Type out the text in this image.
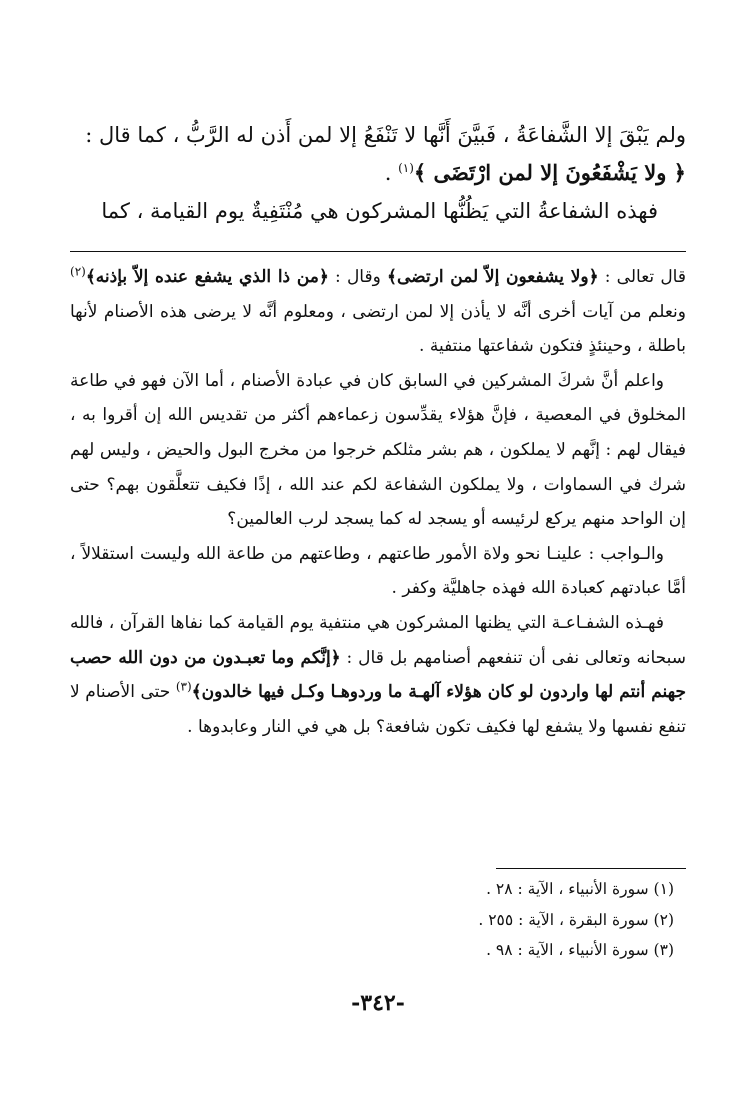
ولم يَبْقَ إلا الشَّفاعَةُ ، فَبيَّنَ أَنَّها لا تَنْفَعُ إلا لمن أَذن له الرَّبُّ ، كما قال :

﴿ ولا يَشْفَعُونَ إلا لمن ارْتَضَى ﴾$^{(١)}$ .

فهذه الشفاعةُ التي يَظُنُّها المشركون هي مُنْتَفِيةٌ يوم القيامة ، كما

قال تعالى : ﴿ولا يشفعون إلاّ لمن ارتضى﴾ وقال : ﴿من ذا الذي يشفع عنده إلاّ بإذنه﴾$^{(٢)}$ ونعلم من آيات أخرى أنَّه لا يأذن إلا لمن ارتضى ، ومعلوم أنَّه لا يرضى هذه الأصنام لأنها باطلة ، وحينئذٍ فتكون شفاعتها منتفية .

واعلم أنَّ شركَ المشركين في السابق كان في عبادة الأصنام ، أما الآن فهو في طاعة المخلوق في المعصية ، فإنَّ هؤلاء يقدِّسون زعماءهم أكثر من تقديس الله إن أقروا به ، فيقال لهم : إنَّهم لا يملكون ، هم بشر مثلكم خرجوا من مخرج البول والحيض ، وليس لهم شرك في السماوات ، ولا يملكون الشفاعة لكم عند الله ، إذًا فكيف تتعلَّقون بهم؟ حتى إن الواحد منهم يركع لرئيسه أو يسجد له كما يسجد لرب العالمين؟

والـواجب : علينـا نحو ولاة الأمور طاعتهم ، وطاعتهم من طاعة الله وليست استقلالاً ، أمَّا عبادتهم كعبادة الله فهذه جاهليَّة وكفر .

فهـذه الشفـاعـة التي يظنها المشركون هي منتفية يوم القيامة كما نفاها القرآن ، فالله سبحانه وتعالى نفى أن تنفعهم أصنامهم بل قال : ﴿إنَّكم وما تعبـدون من دون الله حصب جهنم أنتم لها واردون لو كان هؤلاء آلهـة ما وردوهـا وكـل فيها خالدون﴾$^{(٣)}$ حتى الأصنام لا تنفع نفسها ولا يشفع لها فكيف تكون شافعة؟ بل هي في النار وعابدوها .

(١) سورة الأنبياء ، الآية : ٢٨ .

(٢) سورة البقرة ، الآية : ٢٥٥ .

(٣) سورة الأنبياء ، الآية : ٩٨ .

-٣٤٢-
